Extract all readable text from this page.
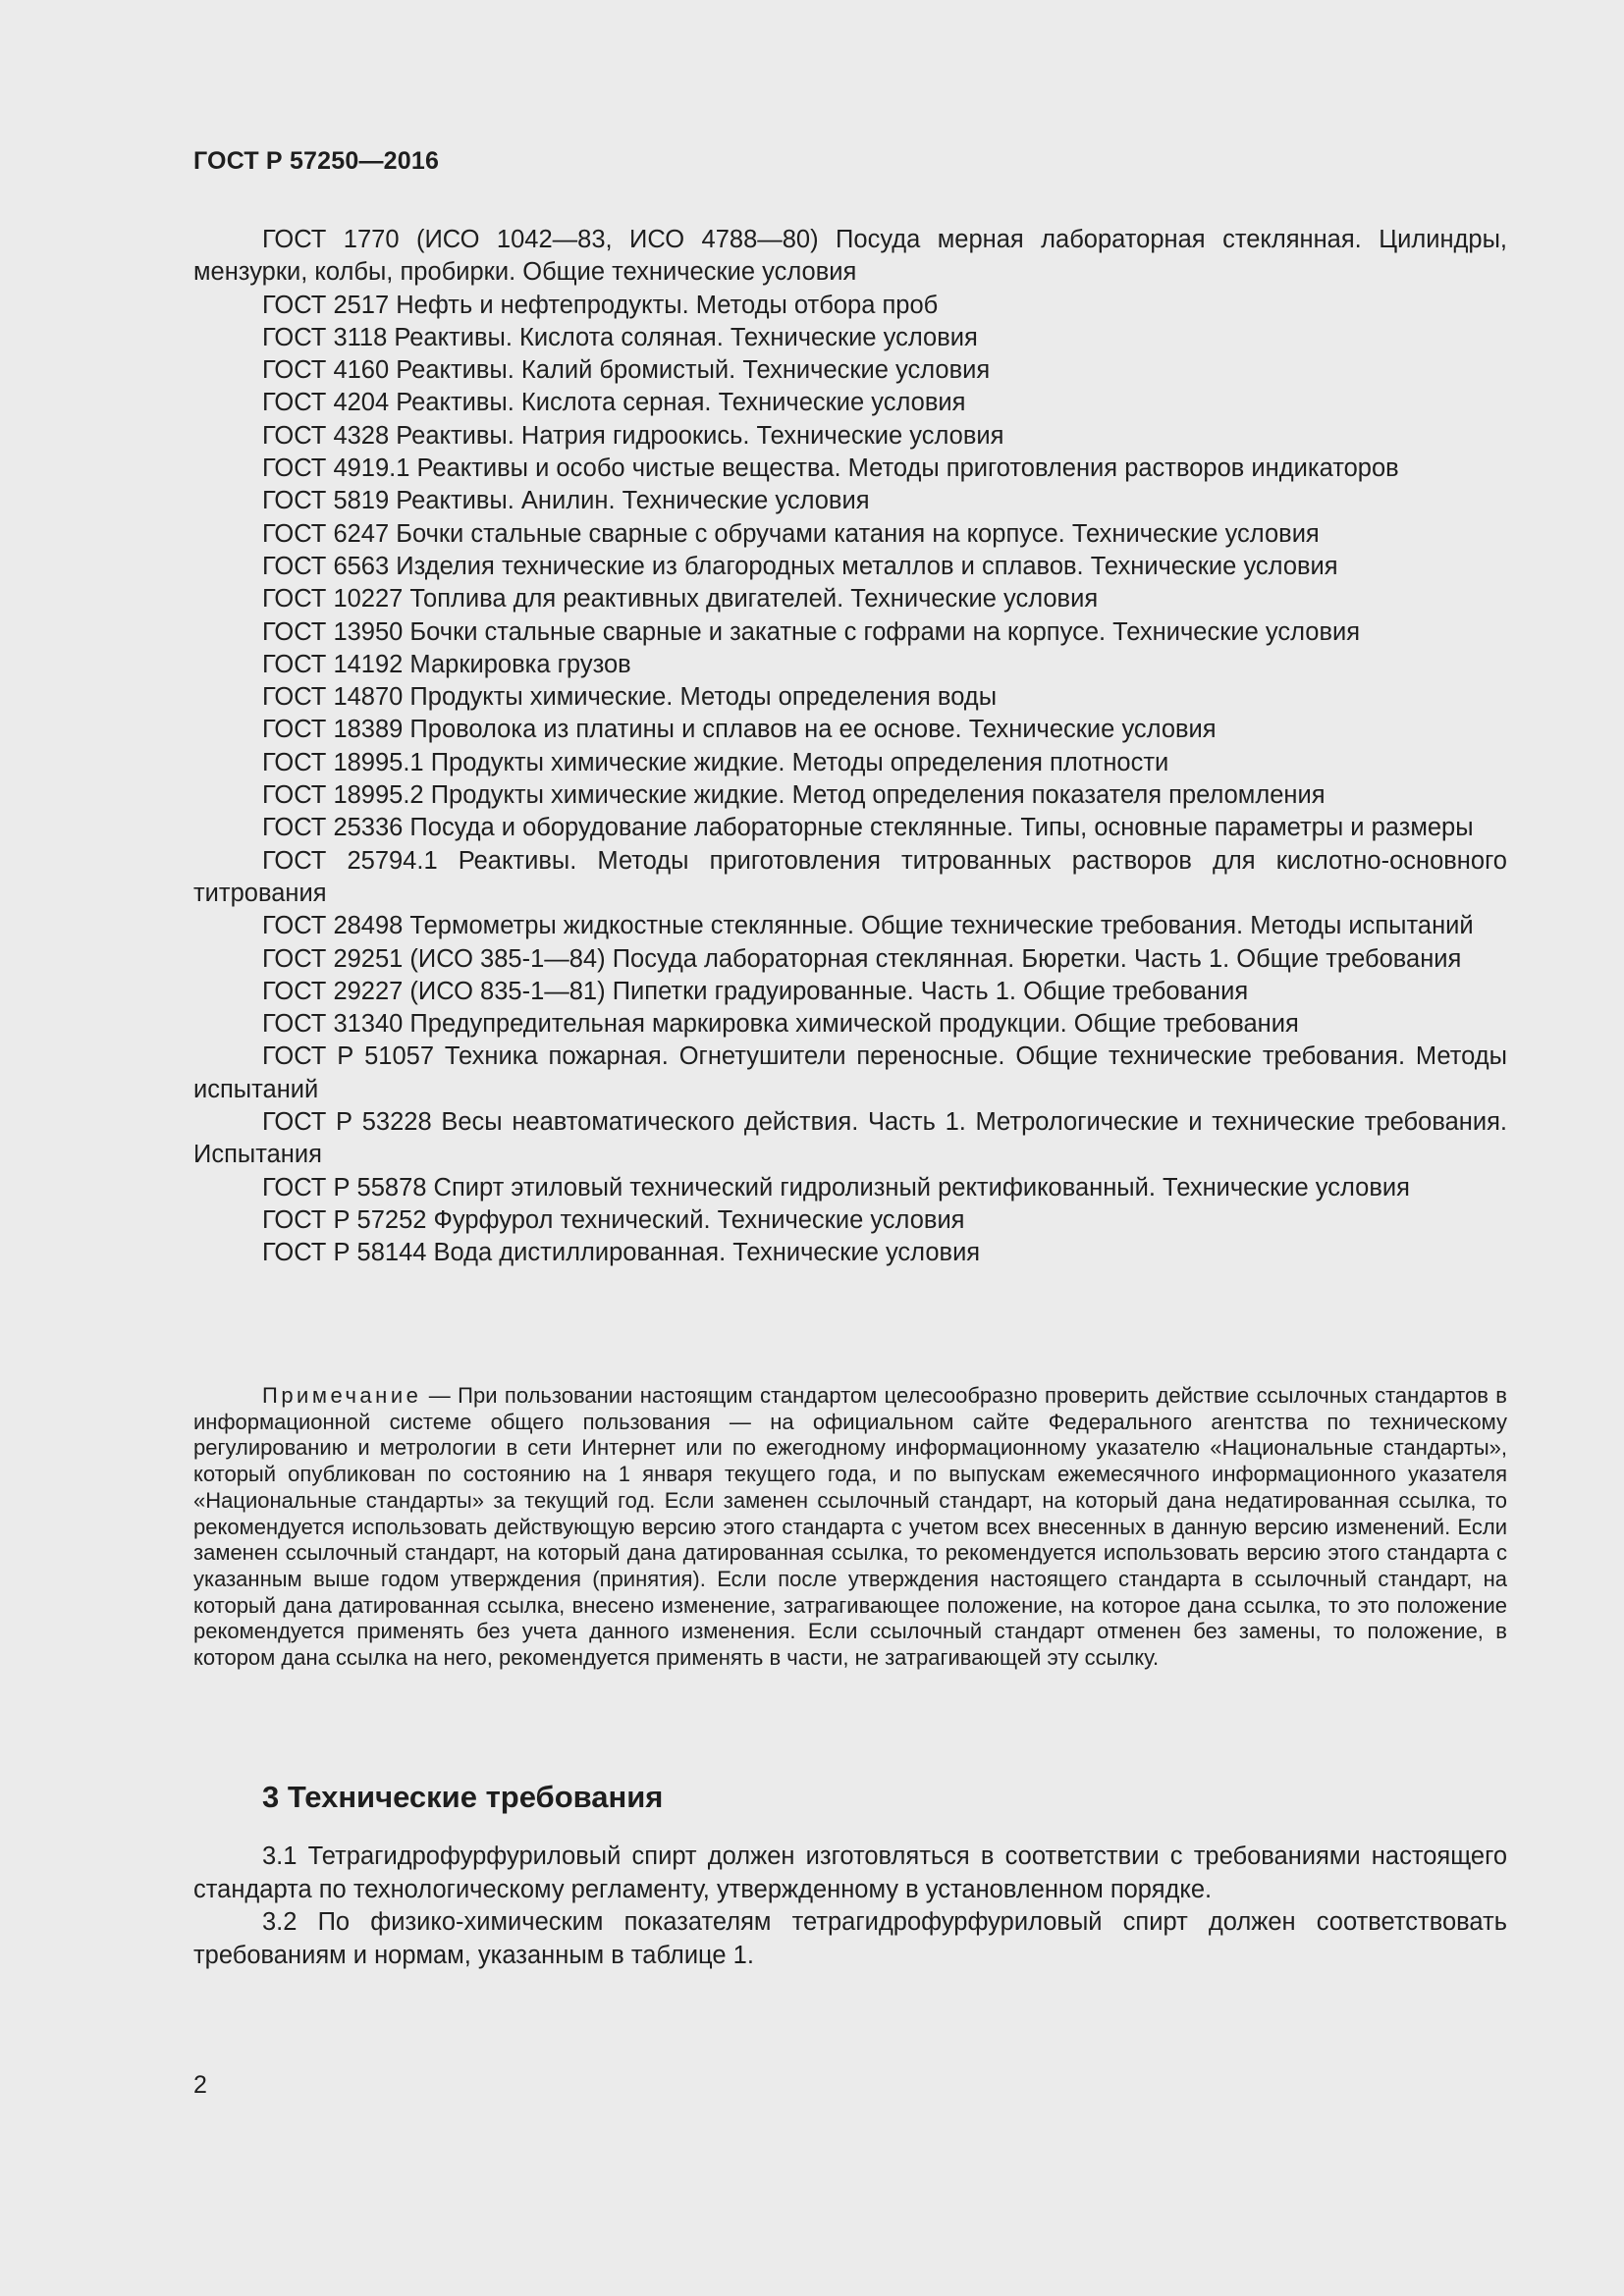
ГОСТ Р 57250—2016

ГОСТ 1770 (ИСО 1042—83, ИСО 4788—80) Посуда мерная лабораторная стеклянная. Цилиндры, мензурки, колбы, пробирки. Общие технические условия

ГОСТ 2517 Нефть и нефтепродукты. Методы отбора проб

ГОСТ 3118 Реактивы. Кислота соляная. Технические условия

ГОСТ 4160 Реактивы. Калий бромистый. Технические условия

ГОСТ 4204 Реактивы. Кислота серная. Технические условия

ГОСТ 4328 Реактивы. Натрия гидроокись. Технические условия

ГОСТ 4919.1 Реактивы и особо чистые вещества. Методы приготовления растворов индикаторов

ГОСТ 5819 Реактивы. Анилин. Технические условия

ГОСТ 6247 Бочки стальные сварные с обручами катания на корпусе. Технические условия

ГОСТ 6563 Изделия технические из благородных металлов и сплавов. Технические условия

ГОСТ 10227 Топлива для реактивных двигателей. Технические условия

ГОСТ 13950 Бочки стальные сварные и закатные с гофрами на корпусе. Технические условия

ГОСТ 14192 Маркировка грузов

ГОСТ 14870 Продукты химические. Методы определения воды

ГОСТ 18389 Проволока из платины и сплавов на ее основе. Технические условия

ГОСТ 18995.1 Продукты химические жидкие. Методы определения плотности

ГОСТ 18995.2 Продукты химические жидкие. Метод определения показателя преломления

ГОСТ 25336 Посуда и оборудование лабораторные стеклянные. Типы, основные параметры и размеры

ГОСТ 25794.1 Реактивы. Методы приготовления титрованных растворов для кислотно-основного титрования

ГОСТ 28498 Термометры жидкостные стеклянные. Общие технические требования. Методы испытаний

ГОСТ 29251 (ИСО 385-1—84) Посуда лабораторная стеклянная. Бюретки. Часть 1. Общие требования

ГОСТ 29227 (ИСО 835-1—81) Пипетки градуированные. Часть 1. Общие требования

ГОСТ 31340 Предупредительная маркировка химической продукции. Общие требования

ГОСТ Р 51057 Техника пожарная. Огнетушители переносные. Общие технические требования. Методы испытаний

ГОСТ Р 53228 Весы неавтоматического действия. Часть 1. Метрологические и технические требования. Испытания

ГОСТ Р 55878 Спирт этиловый технический гидролизный ректификованный. Технические условия

ГОСТ Р 57252 Фурфурол технический. Технические условия

ГОСТ Р 58144 Вода дистиллированная. Технические условия

Примечание — При пользовании настоящим стандартом целесообразно проверить действие ссылочных стандартов в информационной системе общего пользования — на официальном сайте Федерального агентства по техническому регулированию и метрологии в сети Интернет или по ежегодному информационному указателю «Национальные стандарты», который опубликован по состоянию на 1 января текущего года, и по выпускам ежемесячного информационного указателя «Национальные стандарты» за текущий год. Если заменен ссылочный стандарт, на который дана недатированная ссылка, то рекомендуется использовать действующую версию этого стандарта с учетом всех внесенных в данную версию изменений. Если заменен ссылочный стандарт, на который дана датированная ссылка, то рекомендуется использовать версию этого стандарта с указанным выше годом утверждения (принятия). Если после утверждения настоящего стандарта в ссылочный стандарт, на который дана датированная ссылка, внесено изменение, затрагивающее положение, на которое дана ссылка, то это положение рекомендуется применять без учета данного изменения. Если ссылочный стандарт отменен без замены, то положение, в котором дана ссылка на него, рекомендуется применять в части, не затрагивающей эту ссылку.

3 Технические требования

3.1 Тетрагидрофурфуриловый спирт должен изготовляться в соответствии с требованиями настоящего стандарта по технологическому регламенту, утвержденному в установленном порядке.

3.2 По физико-химическим показателям тетрагидрофурфуриловый спирт должен соответствовать требованиям и нормам, указанным в таблице 1.

2
